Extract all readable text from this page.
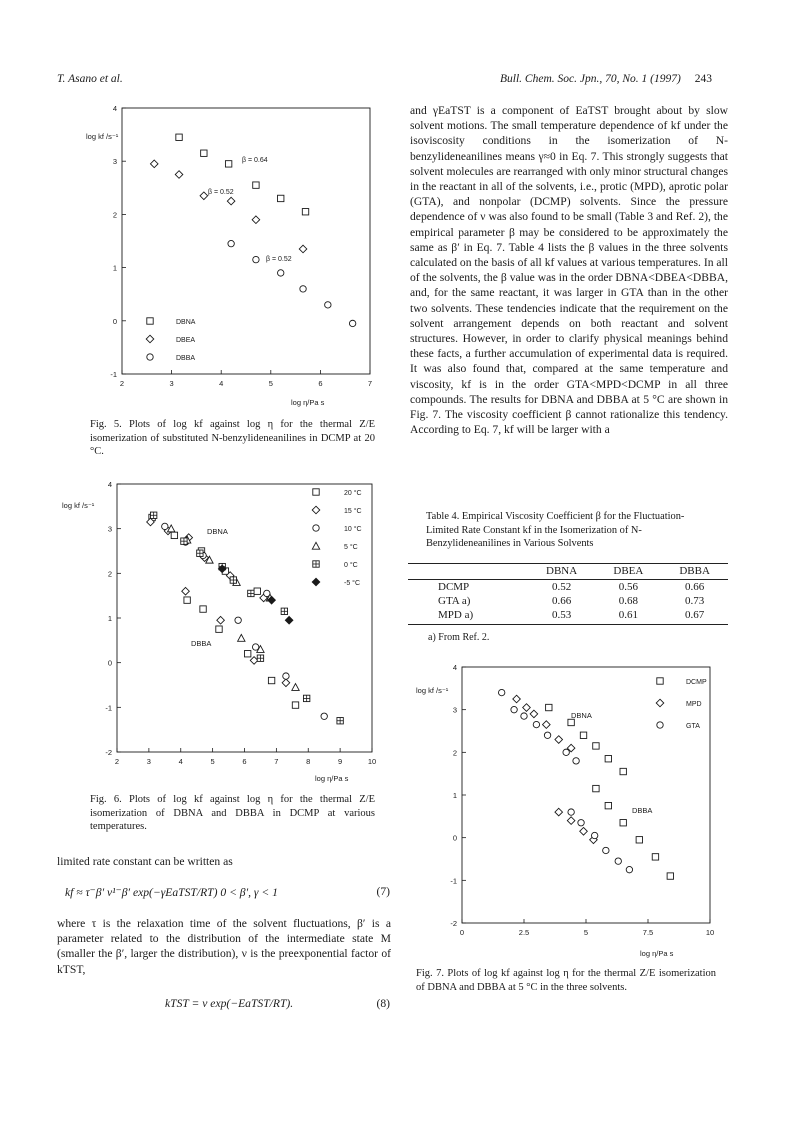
T. Asano et al.	Bull. Chem. Soc. Jpn., 70, No. 1 (1997) 243
2	3	4	5	6	7
-1
0
1
2
3
4
DBNA
DBEA
DBBA
log kf /s⁻¹
log η/Pa s
β = 0.64
β = 0.52
β = 0.52
Fig. 5. Plots of log kf against log η for the thermal Z/E isomerization of substituted N-benzylideneanilines in DCMP at 20 °C.
2	3	4	5	6	7	8	9	10
-2
-1
0
1
2
3
4
20 °C
15 °C
10 °C
5 °C
0 °C
-5 °C
log kf /s⁻¹
log η/Pa s
DBNA
DBBA
Fig. 6. Plots of log kf against log η for the thermal Z/E isomerization of DBNA and DBBA in DCMP at various temperatures.

limited rate constant can be written as

kf ≈ τ⁻β′ ν¹⁻β′ exp(−γEaTST/RT) 0 < β′, γ < 1	(7)

where τ is the relaxation time of the solvent fluctuations, β′ is a parameter related to the distribution of the intermediate state M (smaller the β′, larger the distribution), ν is the preexponential factor of kTST,

kTST = ν exp(−EaTST/RT).	(8)

and γEaTST is a component of EaTST brought about by slow solvent motions. The small temperature dependence of kf under the isoviscosity conditions in the isomerization of N-benzylideneanilines means γ≈0 in Eq. 7. This strongly suggests that solvent molecules are rearranged with only minor structural changes in the reactant in all of the solvents, i.e., protic (MPD), aprotic polar (GTA), and nonpolar (DCMP) solvents. Since the pressure dependence of ν was also found to be small (Table 3 and Ref. 2), the empirical parameter β may be considered to be approximately the same as β′ in Eq. 7. Table 4 lists the β values in the three solvents calculated on the basis of all kf values at various temperatures. In all of the solvents, the β value was in the order DBNA<DBEA<DBBA, and, for the same reactant, it was larger in GTA than in the other two solvents. These tendencies indicate that the requirement on the solvent arrangement depends on both reactant and solvent structures. However, in order to clarify physical meanings behind these facts, a further accumulation of experimental data is required. It was also found that, compared at the same temperature and viscosity, kf is in the order GTA<MPD<DCMP in all three compounds. The results for DBNA and DBBA at 5 °C are shown in Fig. 7. The viscosity coefficient β cannot rationalize this tendency. According to Eq. 7, kf will be larger with a

Table 4. Empirical Viscosity Coefficient β for the Fluctuation-Limited Rate Constant kf in the Isomerization of N-Benzylideneanilines in Various Solvents
	DBNA	DBEA	DBBA
DCMP	0.52	0.56	0.66
GTA a)	0.66	0.68	0.73
MPD a)	0.53	0.61	0.67
a) From Ref. 2.
0	2.5	5	7.5	10
-2
-1
0
1
2
3
4
DCMP
MPD
GTA
log kf /s⁻¹
log η/Pa s
DBNA
DBBA
Fig. 7. Plots of log kf against log η for the thermal Z/E isomerization of DBNA and DBBA at 5 °C in the three solvents.
